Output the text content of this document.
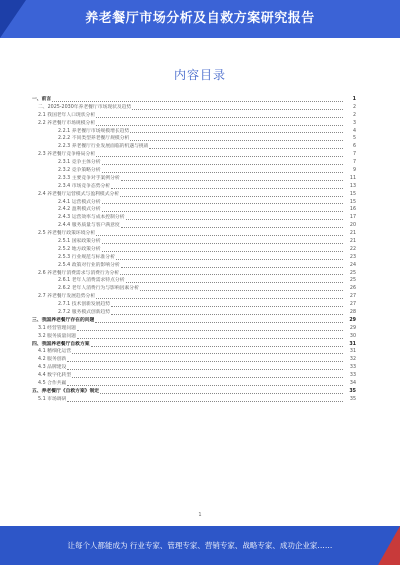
养老餐厅市场分析及自救方案研究报告
内容目录
一、前言	1
二、2025-2030年养老餐厅市场现状及趋势	2
2.1 我国老年人口现状分析	2
2.2 养老餐厅市场规模分析	3
2.2.1 养老餐厅市场规模增长趋势	4
2.2.2 不同类型养老餐厅规模分析	5
2.2.3 养老餐厅行业发展面临的机遇与挑战	6
2.3 养老餐厅竞争格局分析	7
2.3.1 竞争主体分析	7
2.3.2 竞争策略分析	9
2.3.3 主要竞争对手案例分析	11
2.3.4 市场竞争态势分析	13
2.4 养老餐厅运营模式与盈利模式分析	15
2.4.1 运营模式分析	15
2.4.2 盈利模式分析	16
2.4.3 运营效率与成本控制分析	17
2.4.4 服务质量与客户满意度	20
2.5 养老餐厅政策环境分析	21
2.5.1 国家政策分析	21
2.5.2 地方政策分析	22
2.5.3 行业规范与标准分析	23
2.5.4 政策对行业的影响分析	24
2.6 养老餐厅消费需求与消费行为分析	25
2.6.1 老年人消费需求特点分析	25
2.6.2 老年人消费行为与影响因素分析	26
2.7 养老餐厅发展趋势分析	27
2.7.1 技术创新发展趋势	27
2.7.2 服务模式创新趋势	28
三、我国养老餐厅存在的问题	29
3.1 经营管理问题	29
3.2 服务质量问题	30
四、我国养老餐厅自救方案	31
4.1 精细化运营	31
4.2 服务创新	32
4.3 品牌建设	33
4.4 数字化转型	33
4.5 合作共赢	34
五、养老餐厅《自救方案》制定	35
5.1 市场调研	35
1
让每个人都能成为 行业专家、管理专家、营销专家、战略专家、成功企业家……
